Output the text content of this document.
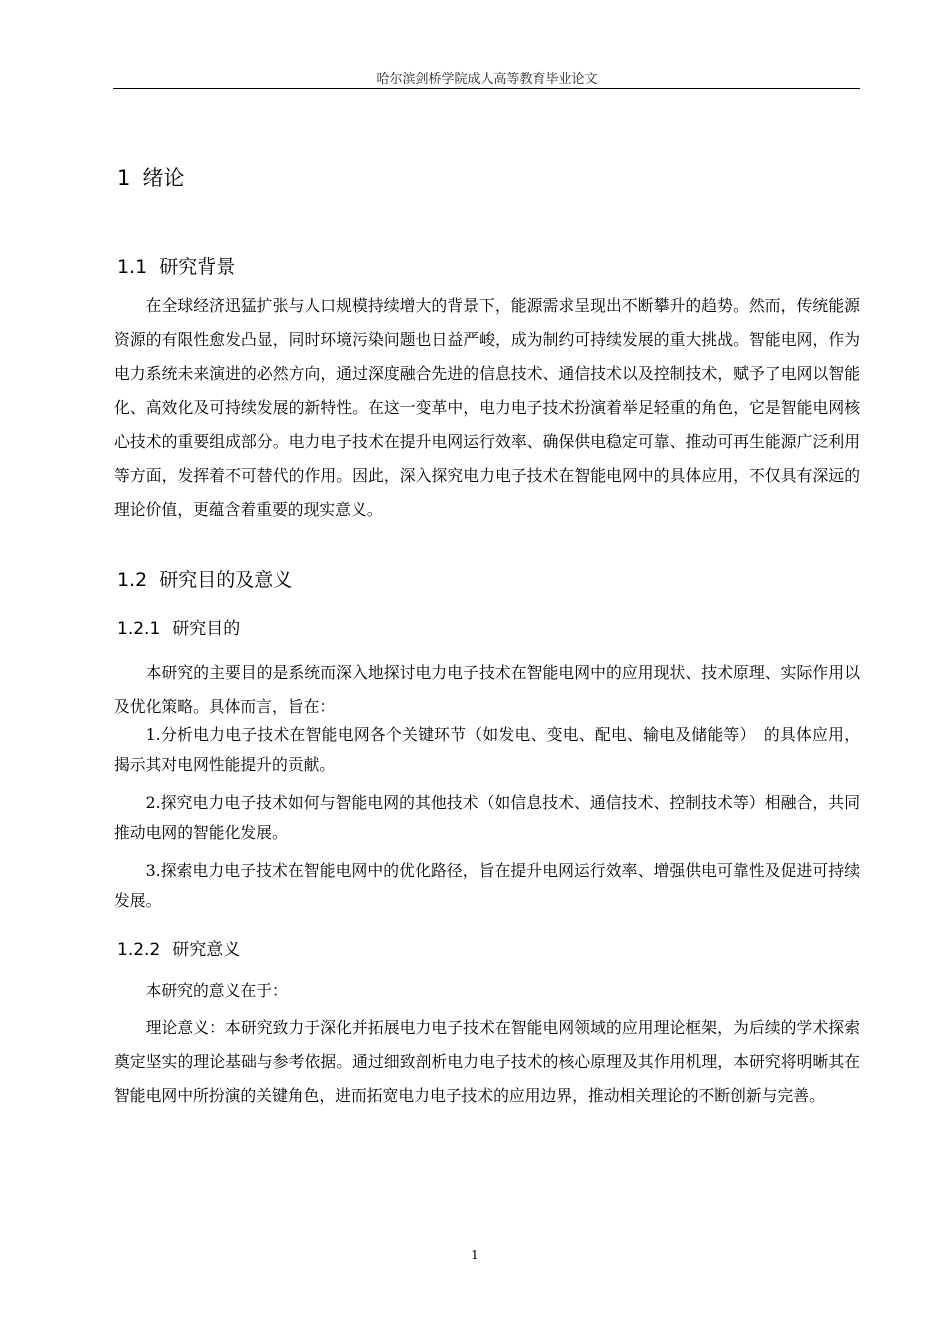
哈尔滨剑桥学院成人高等教育毕业论文
1 绪论
1.1 研究背景

在全球经济迅猛扩张与人口规模持续增大的背景下，能源需求呈现出不断攀升的趋势。然而，传统能源资源的有限性愈发凸显，同时环境污染问题也日益严峻，成为制约可持续发展的重大挑战。智能电网，作为电力系统未来演进的必然方向，通过深度融合先进的信息技术、通信技术以及控制技术，赋予了电网以智能化、高效化及可持续发展的新特性。在这一变革中，电力电子技术扮演着举足轻重的角色，它是智能电网核心技术的重要组成部分。电力电子技术在提升电网运行效率、确保供电稳定可靠、推动可再生能源广泛利用等方面，发挥着不可替代的作用。因此，深入探究电力电子技术在智能电网中的具体应用，不仅具有深远的理论价值，更蕴含着重要的现实意义。

1.2 研究目的及意义
1.2.1 研究目的

本研究的主要目的是系统而深入地探讨电力电子技术在智能电网中的应用现状、技术原理、实际作用以及优化策略。具体而言，旨在：

1.分析电力电子技术在智能电网各个关键环节（如发电、变电、配电、输电及储能等）　的具体应用，揭示其对电网性能提升的贡献。

2.探究电力电子技术如何与智能电网的其他技术（如信息技术、通信技术、控制技术等）相融合，共同推动电网的智能化发展。

3.探索电力电子技术在智能电网中的优化路径，旨在提升电网运行效率、增强供电可靠性及促进可持续发展。

1.2.2 研究意义

本研究的意义在于：

理论意义：本研究致力于深化并拓展电力电子技术在智能电网领域的应用理论框架，为后续的学术探索奠定坚实的理论基础与参考依据。通过细致剖析电力电子技术的核心原理及其作用机理，本研究将明晰其在智能电网中所扮演的关键角色，进而拓宽电力电子技术的应用边界，推动相关理论的不断创新与完善。

1
